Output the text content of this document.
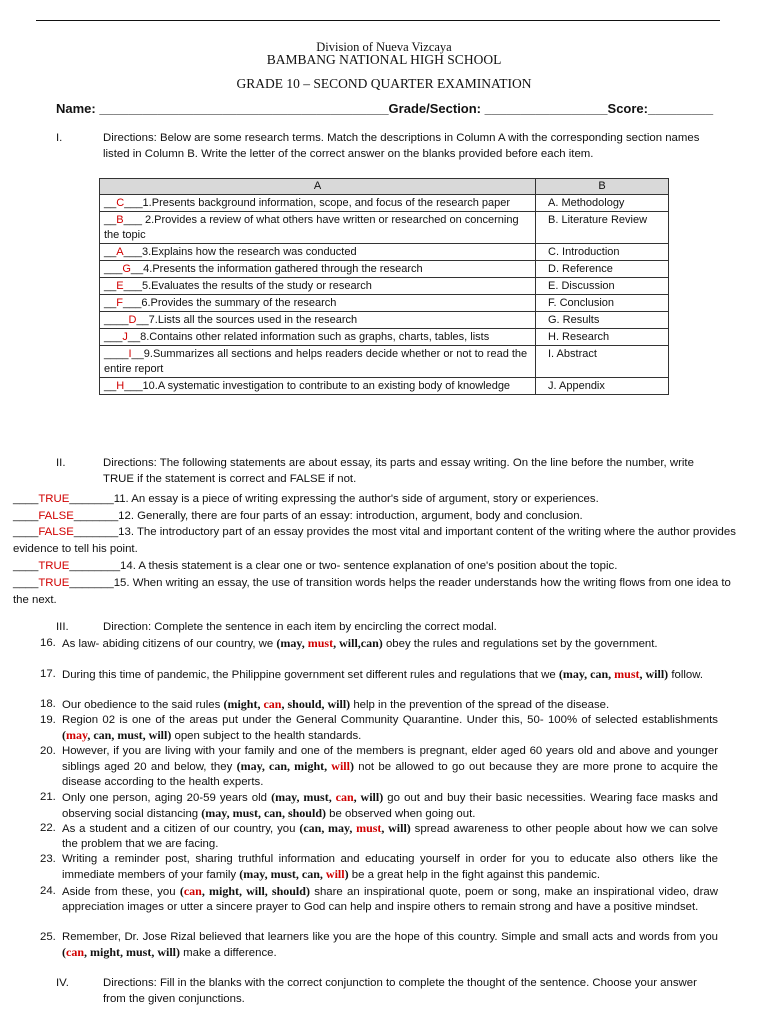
Division of Nueva Vizcaya
BAMBANG NATIONAL HIGH SCHOOL
GRADE 10 – SECOND QUARTER EXAMINATION
Name: ________________________________________Grade/Section: _________________Score:_________
I.	Directions: Below are some research terms. Match the descriptions in Column A with the corresponding section names listed in Column B. Write the letter of the correct answer on the blanks provided before each item.
A	B
__C___1.Presents background information, scope, and focus of the research paper	A. Methodology
__B___ 2.Provides a review of what others have written or researched on concerning the topic	B. Literature Review
__A___3.Explains how the research was conducted	C. Introduction
___G__4.Presents the information gathered through the research	D. Reference
__E___5.Evaluates the results of the study or research	E. Discussion
__F___6.Provides the summary of the research	F. Conclusion
____D__7.Lists all the sources used in the research	G. Results
___J__8.Contains other related information such as graphs, charts, tables, lists	H. Research
____I__9.Summarizes all sections and helps readers decide whether or not to read the entire report	I. Abstract
__H___10.A systematic investigation to contribute to an existing body of knowledge	J. Appendix
II.	Directions: The following statements are about essay, its parts and essay writing. On the line before the number, write TRUE if the statement is correct and FALSE if not.
____TRUE_______11. An essay is a piece of writing expressing the author's side of argument, story or experiences.
____FALSE_______12. Generally, there are four parts of an essay: introduction, argument, body and conclusion.
____FALSE_______13. The introductory part of an essay provides the most vital and important content of the writing where the author provides evidence to tell his point.
____TRUE________14. A thesis statement is a clear one or two- sentence explanation of one's position about the topic.
____TRUE_______15. When writing an essay, the use of transition words helps the reader understands how the writing flows from one idea to the next.
III.	Direction: Complete the sentence in each item by encircling the correct modal.
16. As law- abiding citizens of our country, we (may, must, will,can) obey the rules and regulations set by the government.
17. During this time of pandemic, the Philippine government set different rules and regulations that we (may, can, must, will) follow.
18. Our obedience to the said rules (might, can, should, will) help in the prevention of the spread of the disease.
19. Region 02 is one of the areas put under the General Community Quarantine. Under this, 50- 100% of selected establishments (may, can, must, will) open subject to the health standards.
20. However, if you are living with your family and one of the members is pregnant, elder aged 60 years old and above and younger siblings aged 20 and below, they (may, can, might, will) not be allowed to go out because they are more prone to acquire the disease according to the health experts.
21. Only one person, aging 20-59 years old (may, must, can, will) go out and buy their basic necessities. Wearing face masks and observing social distancing (may, must, can, should) be observed when going out.
22. As a student and a citizen of our country, you (can, may, must, will) spread awareness to other people about how we can solve the problem that we are facing.
23. Writing a reminder post, sharing truthful information and educating yourself in order for you to educate also others like the immediate members of your family (may, must, can, will) be a great help in the fight against this pandemic.
24. Aside from these, you (can, might, will, should) share an inspirational quote, poem or song, make an inspirational video, draw appreciation images or utter a sincere prayer to God can help and inspire others to remain strong and have a positive mindset.
25. Remember, Dr. Jose Rizal believed that learners like you are the hope of this country. Simple and small acts and words from you (can, might, must, will) make a difference.
IV.	Directions: Fill in the blanks with the correct conjunction to complete the thought of the sentence. Choose your answer from the given conjunctions.
